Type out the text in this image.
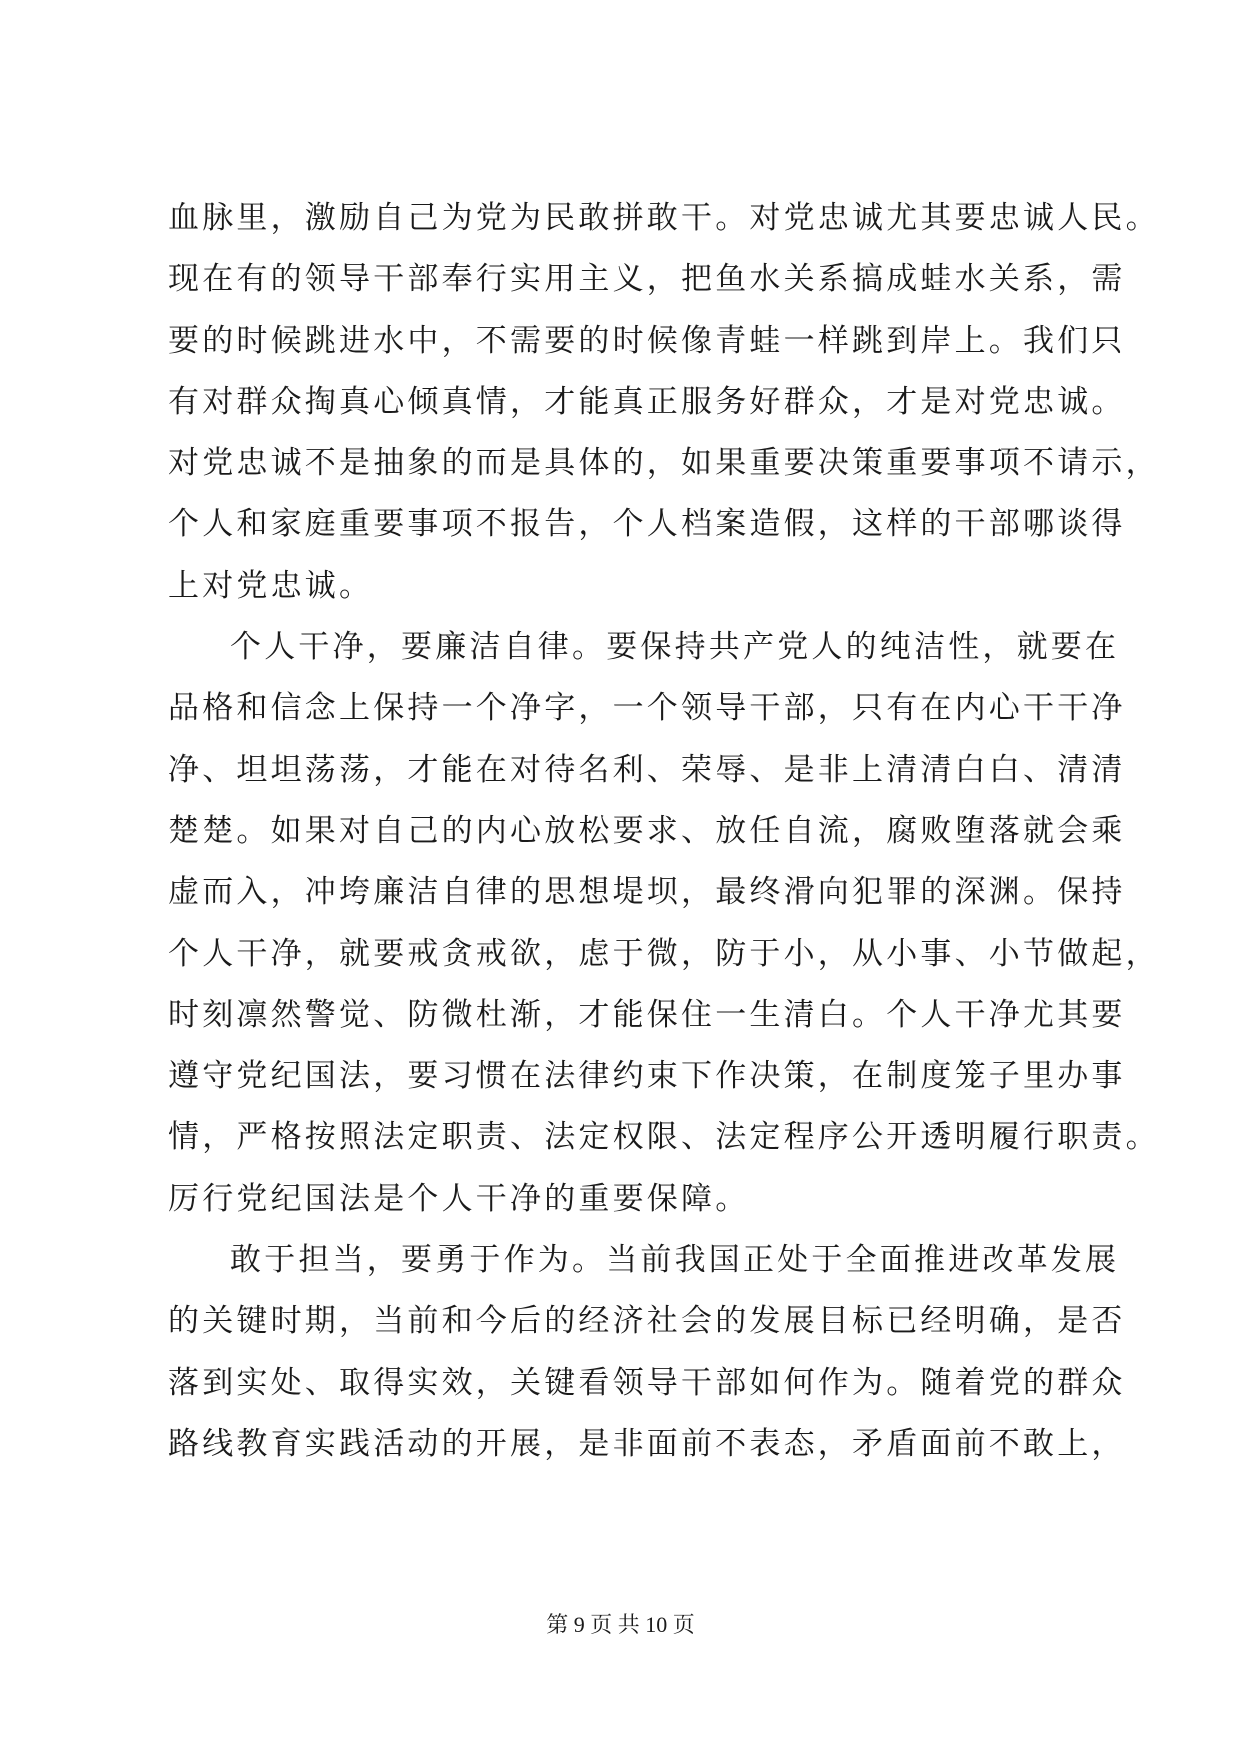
血脉里，激励自己为党为民敢拼敢干。对党忠诚尤其要忠诚人民。
现在有的领导干部奉行实用主义，把鱼水关系搞成蛙水关系，需
要的时候跳进水中，不需要的时候像青蛙一样跳到岸上。我们只
有对群众掏真心倾真情，才能真正服务好群众，才是对党忠诚。
对党忠诚不是抽象的而是具体的，如果重要决策重要事项不请示，
个人和家庭重要事项不报告，个人档案造假，这样的干部哪谈得
上对党忠诚。
个人干净，要廉洁自律。要保持共产党人的纯洁性，就要在
品格和信念上保持一个净字，一个领导干部，只有在内心干干净
净、坦坦荡荡，才能在对待名利、荣辱、是非上清清白白、清清
楚楚。如果对自己的内心放松要求、放任自流，腐败堕落就会乘
虚而入，冲垮廉洁自律的思想堤坝，最终滑向犯罪的深渊。保持
个人干净，就要戒贪戒欲，虑于微，防于小，从小事、小节做起，
时刻凛然警觉、防微杜渐，才能保住一生清白。个人干净尤其要
遵守党纪国法，要习惯在法律约束下作决策，在制度笼子里办事
情，严格按照法定职责、法定权限、法定程序公开透明履行职责。
厉行党纪国法是个人干净的重要保障。
敢于担当，要勇于作为。当前我国正处于全面推进改革发展
的关键时期，当前和今后的经济社会的发展目标已经明确，是否
落到实处、取得实效，关键看领导干部如何作为。随着党的群众
路线教育实践活动的开展，是非面前不表态，矛盾面前不敢上，
第 9 页 共 10 页
